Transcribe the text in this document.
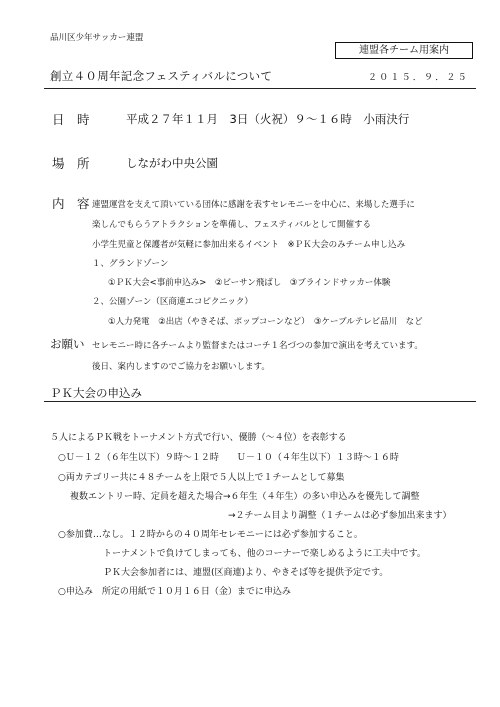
品川区少年サッカー連盟
連盟各チーム用案内
創立４０周年記念フェスティバルについて	２０１５．９．２５
日　時	平成２７年１１月　3日（火祝）９～１６時　小雨決行
場　所	しながわ中央公園
内　容 連盟運営を支えて頂いている団体に感謝を表すセレモニーを中心に、来場した選手に
楽しんでもらうアトラクションを準備し、フェスティバルとして開催する
小学生児童と保護者が気軽に参加出来るイベント　※ＰＫ大会のみチーム申し込み
１、グランドゾーン
①ＰＫ大会<事前申込み>　②ビーサン飛ばし　③ブラインドサッカー体験
２、公園ゾーン（区商連エコピクニック）
①人力発電　②出店（やきそば、ポップコーンなど）　③ケーブルテレビ品川　など
お願い セレモニー時に各チームより監督またはコーチ１名づつの参加で演出を考えています。
後日、案内しますのでご協力をお願いします。
ＰＫ大会の申込み
５人によるＰＫ戦をトーナメント方式で行い、優勝（～４位）を表彰する
○Ｕ－１２（６年生以下）９時～１２時　　Ｕ－１０（４年生以下）１３時～１６時
○両カテゴリー共に４８チームを上限で５人以上で１チームとして募集
複数エントリー時、定員を超えた場合→６年生（４年生）の多い申込みを優先して調整
→２チーム目より調整（１チームは必ず参加出来ます）
○参加費…なし。１２時からの４０周年セレモニーには必ず参加すること。
トーナメントで負けてしまっても、他のコーナーで楽しめるように工夫中です。
ＰＫ大会参加者には、連盟(区商連)より、やきそば等を提供予定です。
○申込み　所定の用紙で１０月１６日（金）までに申込み
